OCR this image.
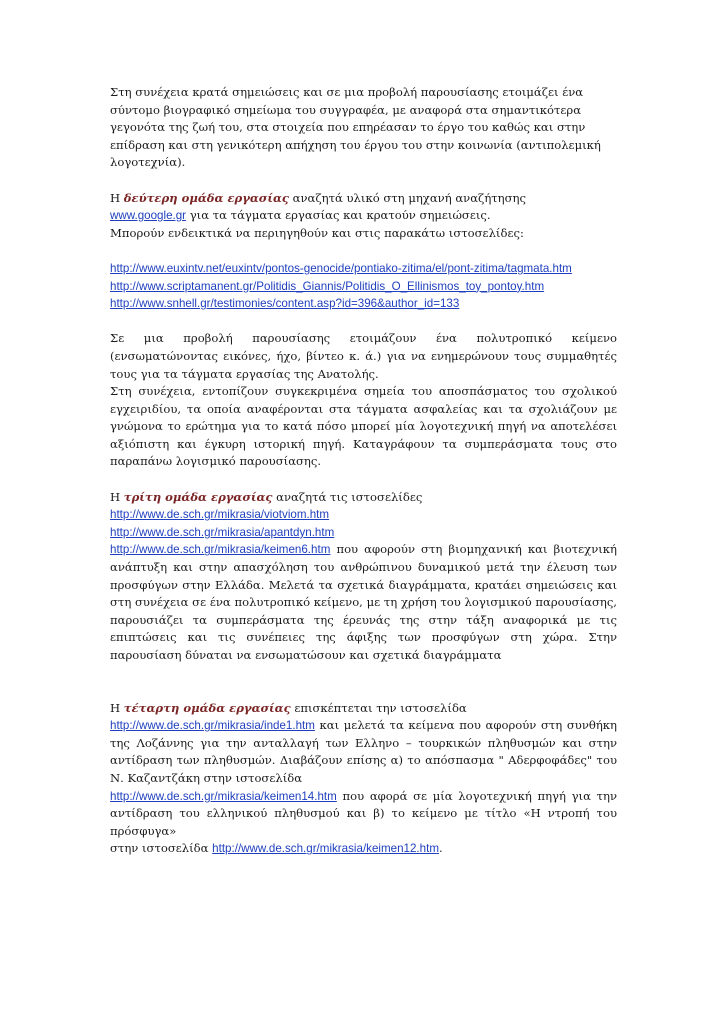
Στη συνέχεια κρατά σημειώσεις και σε μια προβολή παρουσίασης ετοιμάζει ένα σύντομο βιογραφικό σημείωμα του συγγραφέα, με αναφορά στα σημαντικότερα γεγονότα της ζωή του, στα στοιχεία που επηρέασαν το έργο του καθώς και στην επίδραση και στη γενικότερη απήχηση του έργου του στην κοινωνία (αντιπολεμική λογοτεχνία).

Η δεύτερη ομάδα εργασίας αναζητά υλικό στη μηχανή αναζήτησης
www.google.gr για τα τάγματα εργασίας και κρατούν σημειώσεις.
Μπορούν ενδεικτικά να περιηγηθούν και στις παρακάτω ιστοσελίδες:

http://www.euxintv.net/euxintv/pontos-genocide/pontiako-zitima/el/pont-zitima/tagmata.htm
http://www.scriptamanent.gr/Politidis_Giannis/Politidis_O_Ellinismos_toy_pontoy.htm
http://www.snhell.gr/testimonies/content.asp?id=396&author_id=133

Σε μια προβολή παρουσίασης ετοιμάζουν ένα πολυτροπικό κείμενο (ενσωματώνοντας εικόνες, ήχο, βίντεο κ. ά.) για να ενημερώνουν τους συμμαθητές τους για τα τάγματα εργασίας της Ανατολής.

Στη συνέχεια, εντοπίζουν συγκεκριμένα σημεία του αποσπάσματος του σχολικού εγχειριδίου, τα οποία αναφέρονται στα τάγματα ασφαλείας και τα σχολιάζουν με γνώμονα το ερώτημα για το κατά πόσο μπορεί μία λογοτεχνική πηγή να αποτελέσει αξιόπιστη και έγκυρη ιστορική πηγή. Καταγράφουν τα συμπεράσματα τους στο παραπάνω λογισμικό παρουσίασης.

Η τρίτη ομάδα εργασίας αναζητά τις ιστοσελίδες
http://www.de.sch.gr/mikrasia/viotviom.htm
http://www.de.sch.gr/mikrasia/apantdyn.htm
http://www.de.sch.gr/mikrasia/keimen6.htm που αφορούν στη βιομηχανική και βιοτεχνική ανάπτυξη και στην απασχόληση του ανθρώπινου δυναμικού μετά την έλευση των προσφύγων στην Ελλάδα. Μελετά τα σχετικά διαγράμματα, κρατάει σημειώσεις και στη συνέχεια σε ένα πολυτροπικό κείμενο, με τη χρήση του λογισμικού παρουσίασης, παρουσιάζει τα συμπεράσματα της έρευνάς της στην τάξη αναφορικά με τις επιπτώσεις και τις συνέπειες της άφιξης των προσφύγων στη χώρα. Στην παρουσίαση δύναται να ενσωματώσουν και σχετικά διαγράμματα

Η τέταρτη ομάδα εργασίας επισκέπτεται την ιστοσελίδα
http://www.de.sch.gr/mikrasia/inde1.htm και μελετά τα κείμενα που αφορούν στη συνθήκη της Λοζάννης για την ανταλλαγή των Ελληνο – τουρκικών πληθυσμών και στην αντίδραση των πληθυσμών. Διαβάζουν επίσης α) το απόσπασμα " Αδερφοφάδες" του Ν. Καζαντζάκη στην ιστοσελίδα
http://www.de.sch.gr/mikrasia/keimen14.htm που αφορά σε μία λογοτεχνική πηγή για την αντίδραση του ελληνικού πληθυσμού και β) το κείμενο με τίτλο «Η ντροπή του πρόσφυγα»
στην ιστοσελίδα http://www.de.sch.gr/mikrasia/keimen12.htm.
